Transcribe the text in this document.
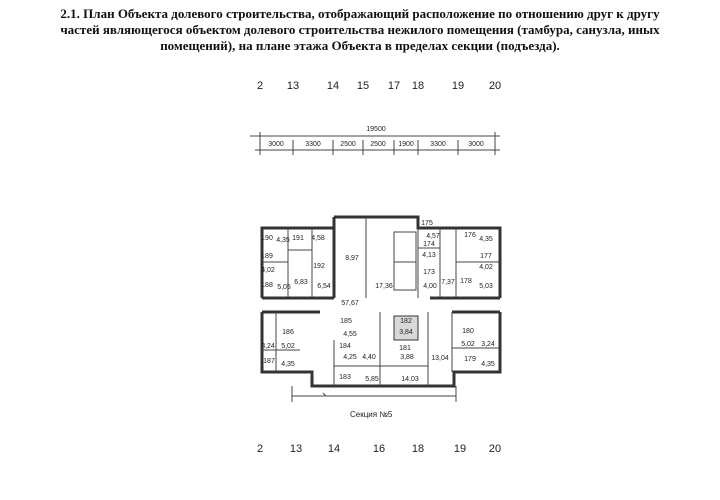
2.1. План Объекта долевого строительства, отображающий расположение по отношению друг к другу
частей являющегося объектом долевого строительства нежилого помещения (тамбура, санузла, иных
помещений), на плане этажа Объекта в пределах секции (подъезда).
2 13	14 15 17 18	19 20
19500
3000	3300	2500 2500 1900 3300	3000
190 4,35 191 4,58
189
4,02
192
6,83
6,54
188 5,05
8,97
17,36
175
4,57	176
4,35
174
4,13	177
4,02
173
4,00
7,37 178
5,03
57,67
185
4,55
186
3,24 5,02
182
3,84	180
5,02 3,24
184
4,25 4,40
181
3,88 13,04
187 4,35
179
4,35
183 5,85	14,03
Секция №5
2 13 14	16 18	19 20
